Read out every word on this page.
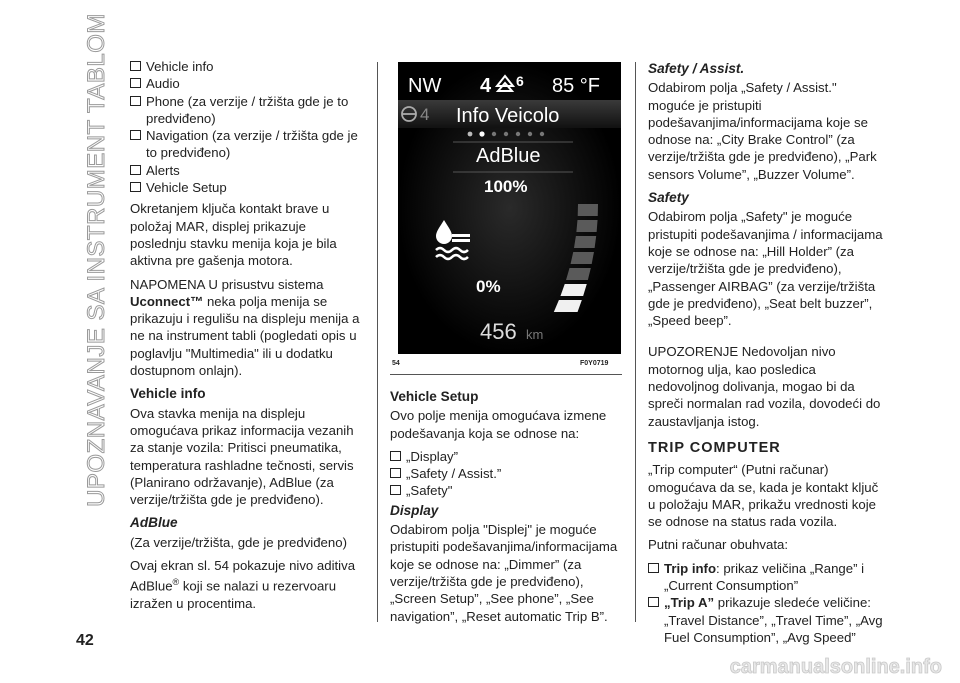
UPOZNAVANJE SA INSTRUMENT TABLOM
42
Vehicle info
Audio
Phone (za verzije / tržišta gde je to predviđeno)
Navigation (za verzije / tržišta gde je to predviđeno)
Alerts
Vehicle Setup

Okretanjem ključa kontakt brave u položaj MAR, displej prikazuje poslednju stavku menija koja je bila aktivna pre gašenja motora.

NAPOMENA U prisustvu sistema
Uconnect™ neka polja menija se prikazuju i regulišu na displeju menija a ne na instrument tabli (pogledati opis u poglavlju "Multimedia" ili u dodatku dostupnom onlajn).

Vehicle info

Ova stavka menija na displeju omogućava prikaz informacija vezanih za stanje vozila: Pritisci pneumatika, temperatura rashladne tečnosti, servis (Planirano održavanje), AdBlue (za verzije/tržišta gde je predviđeno).

AdBlue

(Za verzije/tržišta, gde je predviđeno)

Ovaj ekran sl. 54 pokazuje nivo aditiva AdBlue® koji se nalazi u rezervoaru izražen u procentima.

NW 4 6 85 °F
4 Info Veicolo
AdBlue
100%
0%
456 km
54	F0Y0719
Vehicle Setup

Ovo polje menija omogućava izmene podešavanja koja se odnose na:

„Display”
„Safety / Assist.”
„Safety"
Display

Odabirom polja "Displej" je moguće pristupiti podešavanjima/informacijama koje se odnose na: „Dimmer” (za verzije/tržišta gde je predviđeno), „Screen Setup”, „See phone”, „See navigation”, „Reset automatic Trip B”.

Safety / Assist.

Odabirom polja „Safety / Assist." moguće je pristupiti podešavanjima/informacijama koje se odnose na: „City Brake Control” (za verzije/tržišta gde je predviđeno), „Park sensors Volume”, „Buzzer Volume”.

Safety

Odabirom polja „Safety" je moguće pristupiti podešavanjima / informacijama koje se odnose na: „Hill Holder” (za verzije/tržišta gde je predviđeno), „Passenger AIRBAG” (za verzije/tržišta gde je predviđeno), „Seat belt buzzer”, „Speed beep”.

UPOZORENJE Nedovoljan nivo motornog ulja, kao posledica nedovoljnog dolivanja, mogao bi da spreči normalan rad vozila, dovodeći do zaustavljanja istog.

TRIP COMPUTER

„Trip computer“ (Putni računar) omogućava da se, kada je kontakt ključ u položaju MAR, prikažu vrednosti koje se odnose na status rada vozila.

Putni računar obuhvata:

Trip info: prikaz veličina „Range” i „Current Consumption”
„Trip A” prikazuje sledeće veličine: „Travel Distance”, „Travel Time”, „Avg Fuel Consumption”, „Avg Speed”
carmanualsonline.info
